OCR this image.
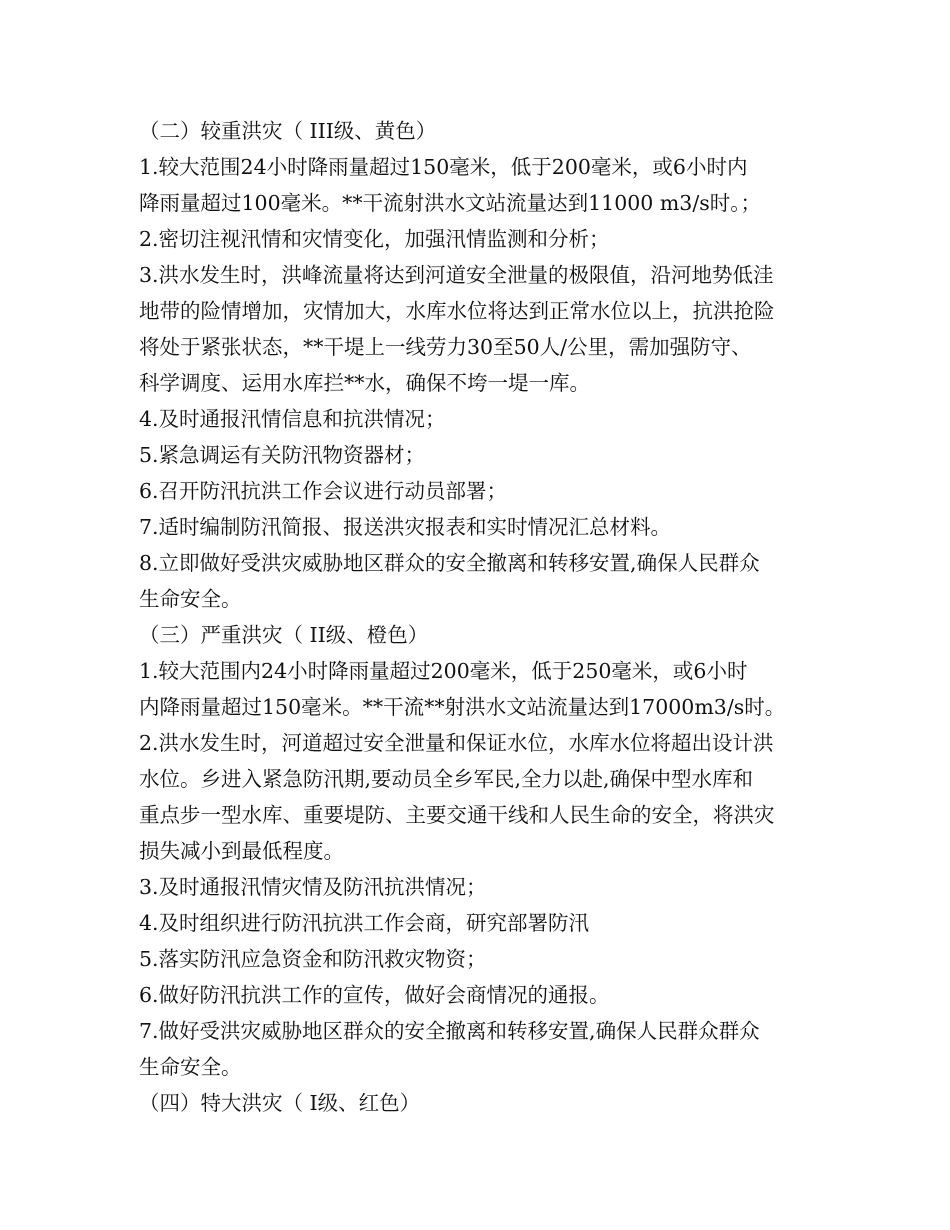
（二）较重洪灾（ III级、黄色）
1.较大范围24小时降雨量超过150毫米，低于200毫米，或6小时内
降雨量超过100毫米。**干流射洪水文站流量达到11000 m3/s时。；
2.密切注视汛情和灾情变化，加强汛情监测和分析；
3.洪水发生时，洪峰流量将达到河道安全泄量的极限值，沿河地势低洼
地带的险情增加，灾情加大，水库水位将达到正常水位以上，抗洪抢险
将处于紧张状态，**干堤上一线劳力30至50人/公里，需加强防守、
科学调度、运用水库拦**水，确保不垮一堤一库。
4.及时通报汛情信息和抗洪情况；
5.紧急调运有关防汛物资器材；
6.召开防汛抗洪工作会议进行动员部署；
7.适时编制防汛简报、报送洪灾报表和实时情况汇总材料。
8.立即做好受洪灾威胁地区群众的安全撤离和转移安置,确保人民群众
生命安全。
（三）严重洪灾（ II级、橙色）
1.较大范围内24小时降雨量超过200毫米，低于250毫米，或6小时
内降雨量超过150毫米。**干流**射洪水文站流量达到17000m3/s时。
2.洪水发生时，河道超过安全泄量和保证水位，水库水位将超出设计洪
水位。乡进入紧急防汛期,要动员全乡军民,全力以赴,确保中型水库和
重点步一型水库、重要堤防、主要交通干线和人民生命的安全，将洪灾
损失减小到最低程度。
3.及时通报汛情灾情及防汛抗洪情况；
4.及时组织进行防汛抗洪工作会商，研究部署防汛
5.落实防汛应急资金和防汛救灾物资；
6.做好防汛抗洪工作的宣传，做好会商情况的通报。
7.做好受洪灾威胁地区群众的安全撤离和转移安置,确保人民群众群众
生命安全。
（四）特大洪灾（ I级、红色）
